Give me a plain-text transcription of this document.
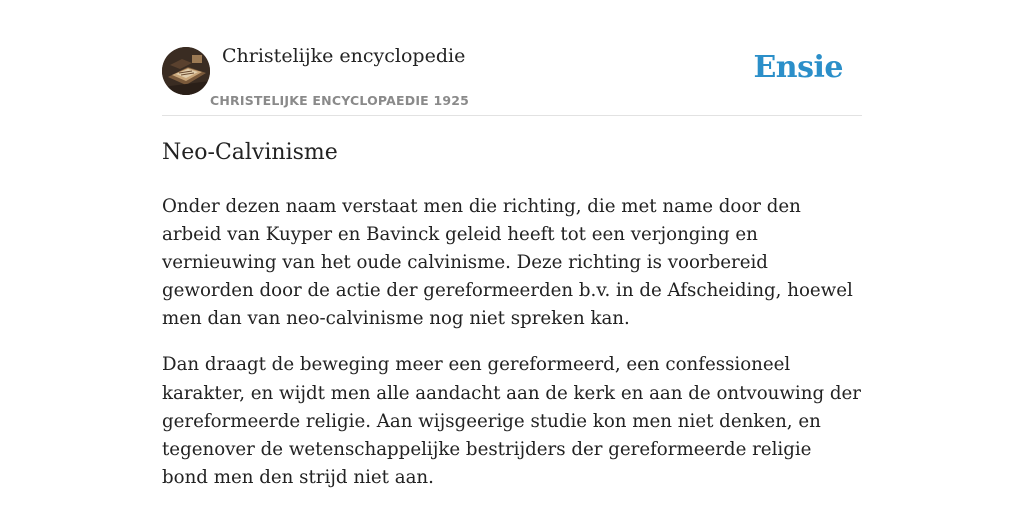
Christelijke encyclopedie
CHRISTELIJKE ENCYCLOPAEDIE 1925
Ensie
Neo-Calvinisme

Onder dezen naam verstaat men die richting, die met name door den arbeid van Kuyper en Bavinck geleid heeft tot een verjonging en vernieuwing van het oude calvinisme. Deze richting is voorbereid geworden door de actie der gereformeerden b.v. in de Afscheiding, hoewel men dan van neo-calvinisme nog niet spreken kan.

Dan draagt de beweging meer een gereformeerd, een confessioneel karakter, en wijdt men alle aandacht aan de kerk en aan de ontvouwing der gereformeerde religie. Aan wijsgeerige studie kon men niet denken, en tegenover de wetenschappelijke bestrijders der gereformeerde religie bond men den strijd niet aan.
